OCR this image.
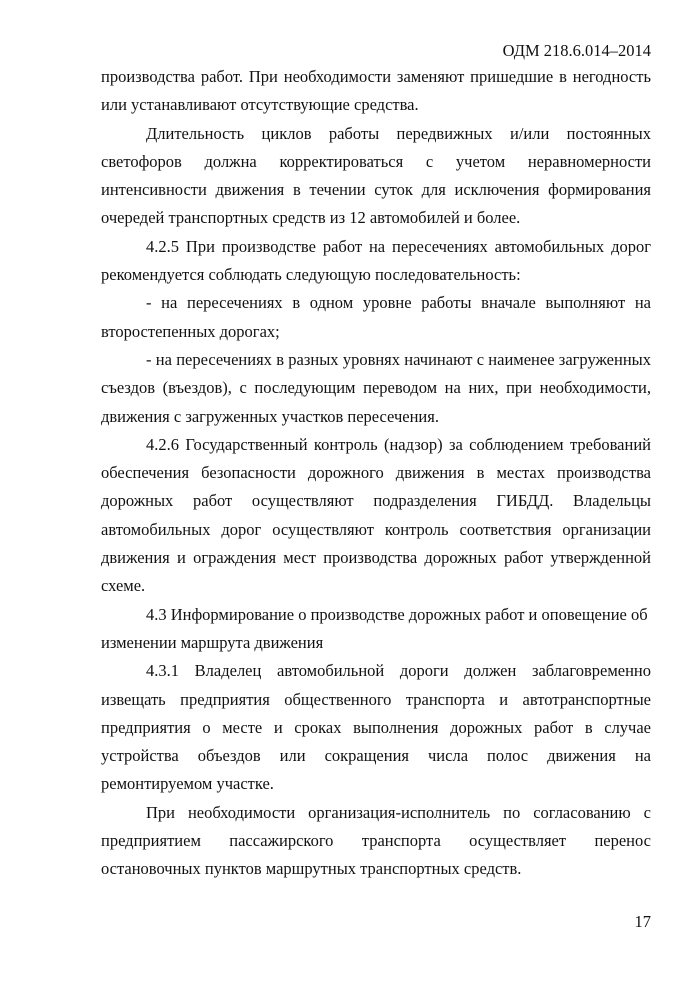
ОДМ 218.6.014–2014

производства работ. При необходимости заменяют пришедшие в негодность или устанавливают отсутствующие средства.

Длительность циклов работы передвижных и/или постоянных светофоров должна корректироваться с учетом неравномерности интенсивности движения в течении суток для исключения формирования очередей транспортных средств из 12 автомобилей и более.

4.2.5 При производстве работ на пересечениях автомобильных дорог рекомендуется соблюдать следующую последовательность:

- на пересечениях в одном уровне работы вначале выполняют на второстепенных дорогах;

- на пересечениях в разных уровнях начинают с наименее загруженных съездов (въездов), с последующим переводом на них, при необходимости, движения с загруженных участков пересечения.

4.2.6 Государственный контроль (надзор) за соблюдением требований обеспечения безопасности дорожного движения в местах производства дорожных работ осуществляют подразделения ГИБДД. Владельцы автомобильных дорог осуществляют контроль соответствия организации движения и ограждения мест производства дорожных работ утвержденной схеме.

4.3 Информирование о производстве дорожных работ и оповещение об изменении маршрута движения

4.3.1 Владелец автомобильной дороги должен заблаговременно извещать предприятия общественного транспорта и автотранспортные предприятия о месте и сроках выполнения дорожных работ в случае устройства объездов или сокращения числа полос движения на ремонтируемом участке.

При необходимости организация-исполнитель по согласованию с предприятием пассажирского транспорта осуществляет перенос остановочных пунктов маршрутных транспортных средств.

17
